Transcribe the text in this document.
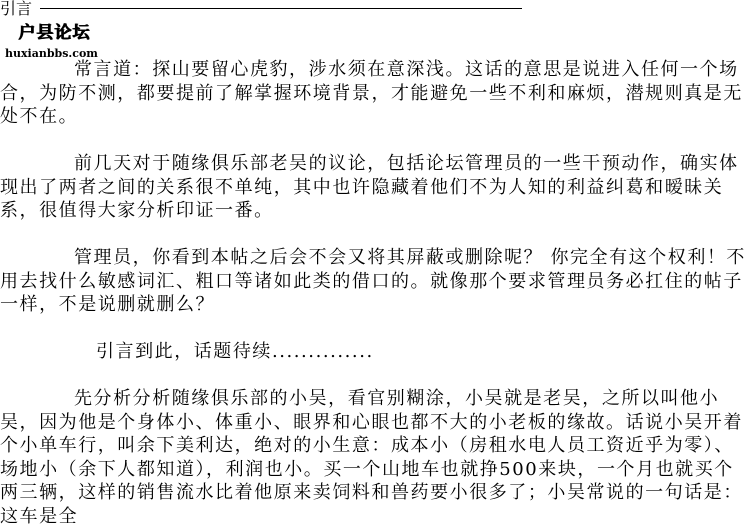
引言
户县论坛
huxianbbs.com

常言道：探山要留心虎豹，涉水须在意深浅。这话的意思是说进入任何一个场合，为防不测，都要提前了解掌握环境背景，才能避免一些不利和麻烦，潜规则真是无处不在。

前几天对于随缘俱乐部老吴的议论，包括论坛管理员的一些干预动作，确实体现出了两者之间的关系很不单纯，其中也许隐藏着他们不为人知的利益纠葛和暧昧关系，很值得大家分析印证一番。

管理员，你看到本帖之后会不会又将其屏蔽或删除呢？ 你完全有这个权利！不用去找什么敏感词汇、粗口等诸如此类的借口的。就像那个要求管理员务必扛住的帖子一样，不是说删就删么？

引言到此，话题待续..............

先分析分析随缘俱乐部的小吴，看官别糊涂，小吴就是老吴，之所以叫他小吴，因为他是个身体小、体重小、眼界和心眼也都不大的小老板的缘故。话说小吴开着个小单车行，叫余下美利达，绝对的小生意：成本小（房租水电人员工资近乎为零）、场地小（余下人都知道），利润也小。买一个山地车也就挣500来块，一个月也就买个两三辆，这样的销售流水比着他原来卖饲料和兽药要小很多了；小吴常说的一句话是：这车是全
